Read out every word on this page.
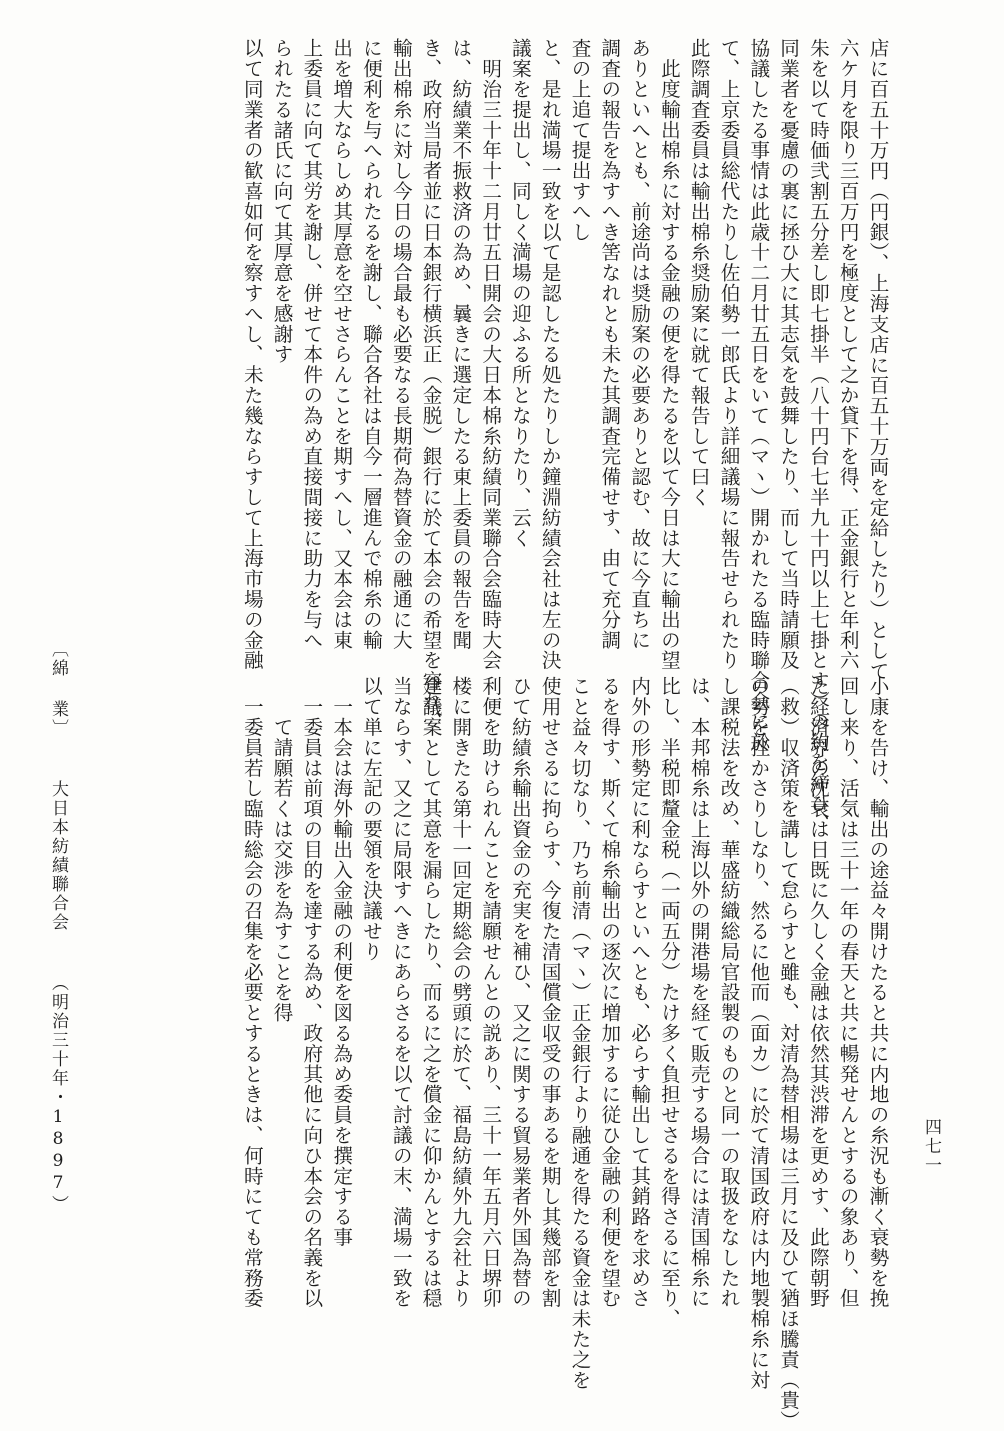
店に百五十万円（円銀）、上海支店に百五十万両を定給したり）として

六ケ月を限り三百万円を極度として之か貸下を得、正金銀行と年利六

朱を以て時価弐割五分差し即七掛半（八十円台七半九十円以上七掛とす）の約を締ひ、

同業者を憂慮の裏に拯ひ大に其志気を鼓舞したり、而して当時請願及

協議したる事情は此歳十二月廿五日をいて（マヽ）開かれたる臨時聯合会に於

て、上京委員総代たりし佐伯勢一郎氏より詳細議場に報告せられたり

此際調査委員は輸出棉糸奨励案に就て報告して曰く

　此度輸出棉糸に対する金融の便を得たるを以て今日は大に輸出の望

ありといへとも、前途尚は奨励案の必要ありと認む、故に今直ちに

調査の報告を為すへき筈なれとも未た其調査完備せす、由て充分調

査の上追て提出すへし

と、是れ満場一致を以て是認したる処たりしか鐘淵紡績会社は左の決

議案を提出し、同しく満場の迎ふる所となりたり、云く

　明治三十年十二月廿五日開会の大日本棉糸紡績同業聯合会臨時大会

は、紡績業不振救済の為め、曩きに選定したる東上委員の報告を聞

き、政府当局者並に日本銀行横浜正（金脱）銀行に於て本会の希望を容れ、

輸出棉糸に対し今日の場合最も必要なる長期荷為替資金の融通に大

に便利を与へられたるを謝し、聯合各社は自今一層進んで棉糸の輸

出を増大ならしめ其厚意を空せさらんことを期すへし、又本会は東

上委員に向て其労を謝し、併せて本件の為め直接間接に助力を与へ

られたる諸氏に向て其厚意を感謝す

以て同業者の歓喜如何を察すへし、未た幾ならすして上海市場の金融

小康を告け、輸出の途益々開けたると共に内地の糸況も漸く衰勢を挽

回し来り、活気は三十一年の春天と共に暢発せんとするの象あり、但

た経済界の沈衰は日既に久しく金融は依然其渋滞を更めす、此際朝野

（救）収済策を講して怠らすと雖も、対清為替相場は三月に及ひて猶ほ騰責（貴）

の勢を挫かさりしなり、然るに他而（面カ）に於て清国政府は内地製棉糸に対

し課税法を改め、華盛紡織総局官設製のものと同一の取扱をなしたれ

は、本邦棉糸は上海以外の開港場を経て販売する場合には清国棉糸に

比し、半税即釐金税（一両五分）たけ多く負担せさるを得さるに至り、

内外の形勢定に利ならすといへとも、必らす輸出して其銷路を求めさ

るを得す、斯くて棉糸輸出の逐次に増加するに従ひ金融の利便を望む

こと益々切なり、乃ち前清（マヽ）正金銀行より融通を得たる資金は未た之を

使用せさるに拘らす、今復た清国償金収受の事あるを期し其幾部を割

ひて紡績糸輸出資金の充実を補ひ、又之に関する貿易業者外国為替の

利便を助けられんことを請願せんとの説あり、三十一年五月六日堺卯

楼に開きたる第十一回定期総会の劈頭に於て、福島紡績外九会社より

建議案として其意を漏らしたり、而るに之を償金に仰かんとするは穏

当ならす、又之に局限すへきにあらさるを以て討議の末、満場一致を

以て単に左記の要領を決議せり

　一本会は海外輸出入金融の利便を図る為め委員を撰定する事

　一委員は前項の目的を達する為め、政府其他に向ひ本会の名義を以

　　て請願若くは交渉を為すことを得

　一委員若し臨時総会の召集を必要とするときは、何時にても常務委	四七一
〔綿 業〕 大日本紡績聯合会 （明治三十年・1897）
